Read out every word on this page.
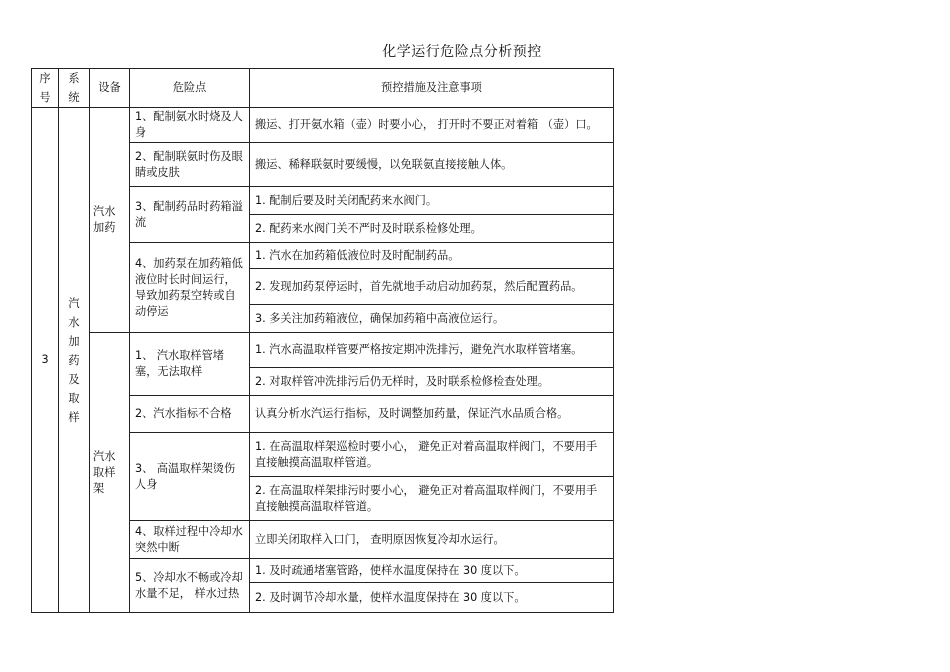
化学运行危险点分析预控
序号	系统	设备	危险点	预控措施及注意事项
3	汽水加药及取样	汽水加药	1、配制氨水时烧及人身	搬运、打开氨水箱（壶）时要小心， 打开时不要正对着箱 （壶）口。
			2、配制联氨时伤及眼睛或皮肤	搬运、稀释联氨时要缓慢，以免联氨直接接触人体。
			3、配制药品时药箱溢流	1. 配制后要及时关闭配药来水阀门。
				2. 配药来水阀门关不严时及时联系检修处理。
			4、加药泵在加药箱低液位时长时间运行， 导致加药泵空转或自动停运	1. 汽水在加药箱低液位时及时配制药品。
				2. 发现加药泵停运时，首先就地手动启动加药泵，然后配置药品。
				3. 多关注加药箱液位，确保加药箱中高液位运行。

		汽水取样架	1、 汽水取样管堵塞，无法取样	1. 汽水高温取样管要严格按定期冲洗排污，避免汽水取样管堵塞。
				2. 对取样管冲洗排污后仍无样时，及时联系检修检查处理。
			2、汽水指标不合格	认真分析水汽运行指标，及时调整加药量，保证汽水品质合格。
			3、 高温取样架烫伤人身	1. 在高温取样架巡检时要小心， 避免正对着高温取样阀门，不要用手直接触摸高温取样管道。
				2. 在高温取样架排污时要小心， 避免正对着高温取样阀门，不要用手直接触摸高温取样管道。
			4、取样过程中冷却水突然中断	立即关闭取样入口门， 查明原因恢复冷却水运行。
			5、冷却水不畅或冷却水量不足， 样水过热	1. 及时疏通堵塞管路，使样水温度保持在 30 度以下。
				2. 及时调节冷却水量，使样水温度保持在 30 度以下。
